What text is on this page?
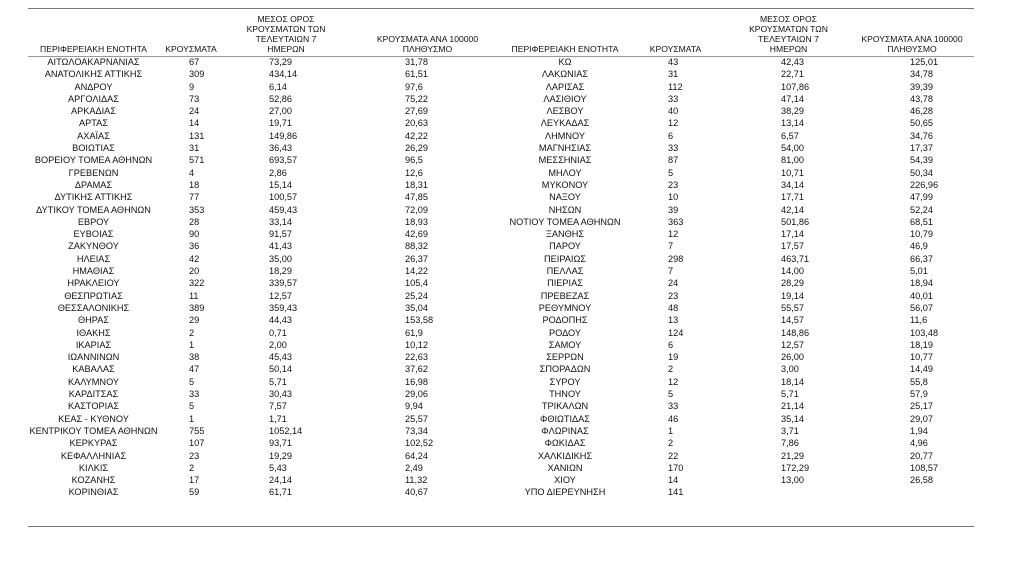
ΠΕΡΙΦΕΡΕΙΑΚΗ ΕΝΟΤΗΤΑ	ΚΡΟΥΣΜΑΤΑ	ΜΕΣΟΣ ΟΡΟΣ ΚΡΟΥΣΜΑΤΩΝ ΤΩΝ ΤΕΛΕΥΤΑΙΩΝ 7 ΗΜΕΡΩΝ	ΚΡΟΥΣΜΑΤΑ ΑΝΑ 100000 ΠΛΗΘΥΣΜΟ	ΠΕΡΙΦΕΡΕΙΑΚΗ ΕΝΟΤΗΤΑ	ΚΡΟΥΣΜΑΤΑ	ΜΕΣΟΣ ΟΡΟΣ ΚΡΟΥΣΜΑΤΩΝ ΤΩΝ ΤΕΛΕΥΤΑΙΩΝ 7 ΗΜΕΡΩΝ	ΚΡΟΥΣΜΑΤΑ ΑΝΑ 100000 ΠΛΗΘΥΣΜΟ
ΑΙΤΩΛΟΑΚΑΡΝΑΝΙΑΣ	67	73,29	31,78	ΚΩ	43	42,43	125,01
ΑΝΑΤΟΛΙΚΗΣ ΑΤΤΙΚΗΣ	309	434,14	61,51	ΛΑΚΩΝΙΑΣ	31	22,71	34,78
ΑΝΔΡΟΥ	9	6,14	97,6	ΛΑΡΙΣΑΣ	112	107,86	39,39
ΑΡΓΟΛΙΔΑΣ	73	52,86	75,22	ΛΑΣΙΘΙΟΥ	33	47,14	43,78
ΑΡΚΑΔΙΑΣ	24	27,00	27,69	ΛΕΣΒΟΥ	40	38,29	46,28
ΑΡΤΑΣ	14	19,71	20,63	ΛΕΥΚΑΔΑΣ	12	13,14	50,65
ΑΧΑΪΑΣ	131	149,86	42,22	ΛΗΜΝΟΥ	6	6,57	34,76
ΒΟΙΩΤΙΑΣ	31	36,43	26,29	ΜΑΓΝΗΣΙΑΣ	33	54,00	17,37
ΒΟΡΕΙΟΥ ΤΟΜΕΑ ΑΘΗΝΩΝ	571	693,57	96,5	ΜΕΣΣΗΝΙΑΣ	87	81,00	54,39
ΓΡΕΒΕΝΩΝ	4	2,86	12,6	ΜΗΛΟΥ	5	10,71	50,34
ΔΡΑΜΑΣ	18	15,14	18,31	ΜΥΚΟΝΟΥ	23	34,14	226,96
ΔΥΤΙΚΗΣ ΑΤΤΙΚΗΣ	77	100,57	47,85	ΝΑΞΟΥ	10	17,71	47,99
ΔΥΤΙΚΟΥ ΤΟΜΕΑ ΑΘΗΝΩΝ	353	459,43	72,09	ΝΗΣΩΝ	39	42,14	52,24
ΕΒΡΟΥ	28	33,14	18,93	ΝΟΤΙΟΥ ΤΟΜΕΑ ΑΘΗΝΩΝ	363	501,86	68,51
ΕΥΒΟΙΑΣ	90	91,57	42,69	ΞΑΝΘΗΣ	12	17,14	10,79
ΖΑΚΥΝΘΟΥ	36	41,43	88,32	ΠΑΡΟΥ	7	17,57	46,9
ΗΛΕΙΑΣ	42	35,00	26,37	ΠΕΙΡΑΙΩΣ	298	463,71	66,37
ΗΜΑΘΙΑΣ	20	18,29	14,22	ΠΕΛΛΑΣ	7	14,00	5,01
ΗΡΑΚΛΕΙΟΥ	322	339,57	105,4	ΠΙΕΡΙΑΣ	24	28,29	18,94
ΘΕΣΠΡΩΤΙΑΣ	11	12,57	25,24	ΠΡΕΒΕΖΑΣ	23	19,14	40,01
ΘΕΣΣΑΛΟΝΙΚΗΣ	389	359,43	35,04	ΡΕΘΥΜΝΟΥ	48	55,57	56,07
ΘΗΡΑΣ	29	44,43	153,58	ΡΟΔΟΠΗΣ	13	14,57	11,6
ΙΘΑΚΗΣ	2	0,71	61,9	ΡΟΔΟΥ	124	148,86	103,48
ΙΚΑΡΙΑΣ	1	2,00	10,12	ΣΑΜΟΥ	6	12,57	18,19
ΙΩΑΝΝΙΝΩΝ	38	45,43	22,63	ΣΕΡΡΩΝ	19	26,00	10,77
ΚΑΒΑΛΑΣ	47	50,14	37,62	ΣΠΟΡΑΔΩΝ	2	3,00	14,49
ΚΑΛΥΜΝΟΥ	5	5,71	16,98	ΣΥΡΟΥ	12	18,14	55,8
ΚΑΡΔΙΤΣΑΣ	33	30,43	29,06	ΤΗΝΟΥ	5	5,71	57,9
ΚΑΣΤΟΡΙΑΣ	5	7,57	9,94	ΤΡΙΚΑΛΩΝ	33	21,14	25,17
ΚΕΑΣ - ΚΥΘΝΟΥ	1	1,71	25,57	ΦΘΙΩΤΙΔΑΣ	46	35,14	29,07
ΚΕΝΤΡΙΚΟΥ ΤΟΜΕΑ ΑΘΗΝΩΝ	755	1052,14	73,34	ΦΛΩΡΙΝΑΣ	1	3,71	1,94
ΚΕΡΚΥΡΑΣ	107	93,71	102,52	ΦΩΚΙΔΑΣ	2	7,86	4,96
ΚΕΦΑΛΛΗΝΙΑΣ	23	19,29	64,24	ΧΑΛΚΙΔΙΚΗΣ	22	21,29	20,77
ΚΙΛΚΙΣ	2	5,43	2,49	ΧΑΝΙΩΝ	170	172,29	108,57
ΚΟΖΑΝΗΣ	17	24,14	11,32	ΧΙΟΥ	14	13,00	26,58
ΚΟΡΙΝΘΙΑΣ	59	61,71	40,67	ΥΠΟ ΔΙΕΡΕΥΝΗΣΗ	141		
